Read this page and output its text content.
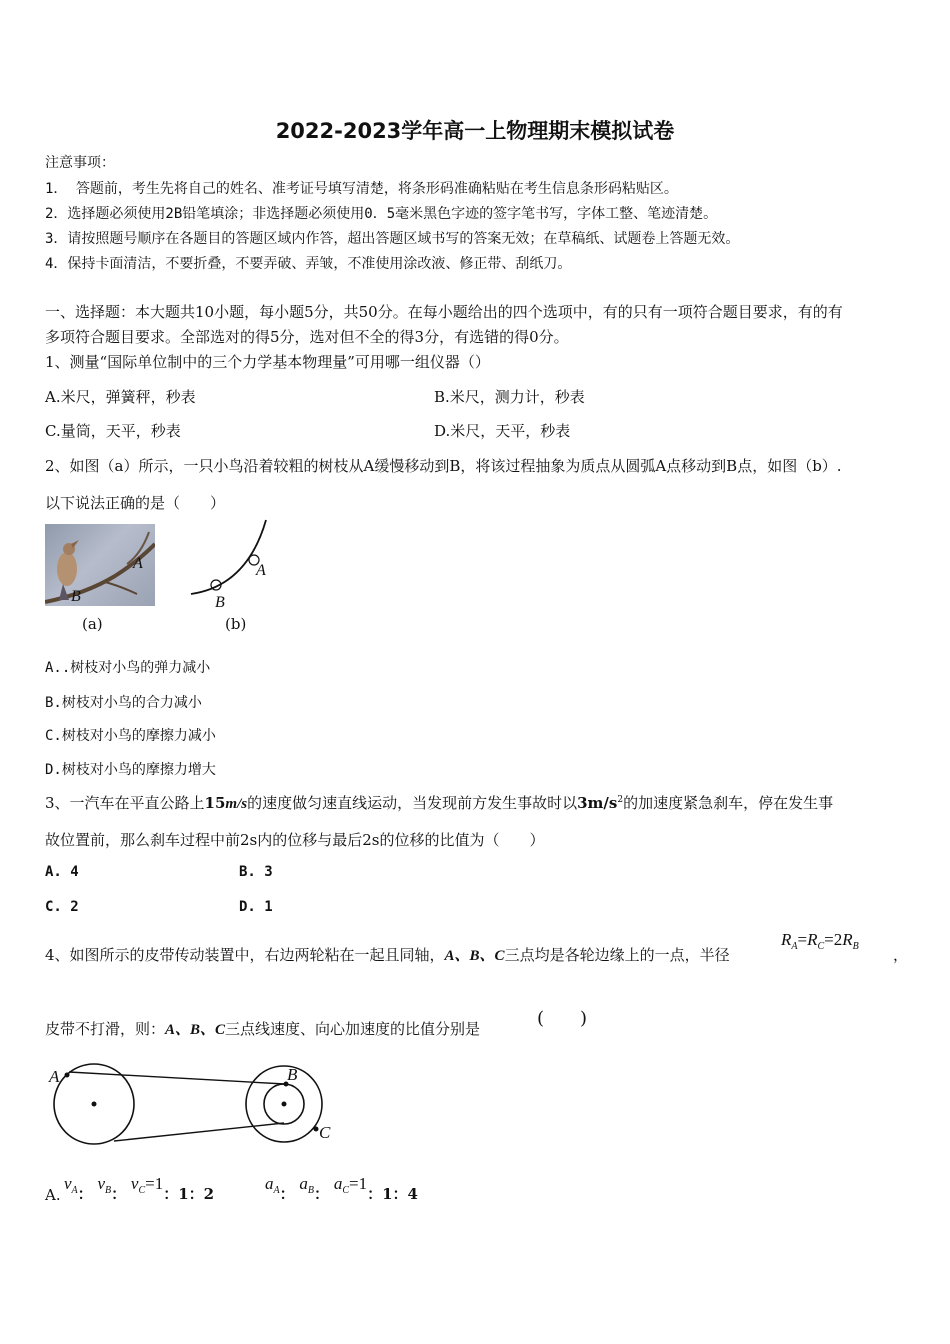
2022-2023学年高一上物理期末模拟试卷
注意事项：
1． 答题前，考生先将自己的姓名、准考证号填写清楚，将条形码准确粘贴在考生信息条形码粘贴区。
2．选择题必须使用2B铅笔填涂；非选择题必须使用0．5毫米黑色字迹的签字笔书写，字体工整、笔迹清楚。
3．请按照题号顺序在各题目的答题区域内作答，超出答题区域书写的答案无效；在草稿纸、试题卷上答题无效。
4．保持卡面清洁，不要折叠，不要弄破、弄皱，不准使用涂改液、修正带、刮纸刀。
一、选择题：本大题共10小题，每小题5分，共50分。在每小题给出的四个选项中，有的只有一项符合题目要求，有的有
多项符合题目要求。全部选对的得5分，选对但不全的得3分，有选错的得0分。
1、测量“国际单位制中的三个力学基本物理量”可用哪一组仪器（）
A.米尺，弹簧秤，秒表	B.米尺，测力计，秒表
C.量筒，天平，秒表	D.米尺，天平，秒表
2、如图（a）所示，一只小鸟沿着较粗的树枝从A缓慢移动到B，将该过程抽象为质点从圆弧A点移动到B点，如图（b）.
以下说法正确的是（　　）
A
B
A
B
(a)	(b)
A..树枝对小鸟的弹力减小
B.树枝对小鸟的合力减小
C.树枝对小鸟的摩擦力减小
D.树枝对小鸟的摩擦力增大
3、一汽车在平直公路上15m/s的速度做匀速直线运动，当发现前方发生事故时以$3m/s^2$的加速度紧急刹车，停在发生事
故位置前，那么刹车过程中前2s内的位移与最后2s的位移的比值为（　　）
A. 4	B. 3
C. 2	D. 1
4、如图所示的皮带传动装置中，右边两轮粘在一起且同轴，A、B、C三点均是各轮边缘上的一点，半径
$R_A=R_C=2R_B$ ，
皮带不打滑，则：A、B、C三点线速度、向心加速度的比值分别是	(　　)
A	B
C
A.
$v_A$： $v_B$： $v_C=1$：1：2
$a_A$： $a_B$： $a_C=1$：1：4
